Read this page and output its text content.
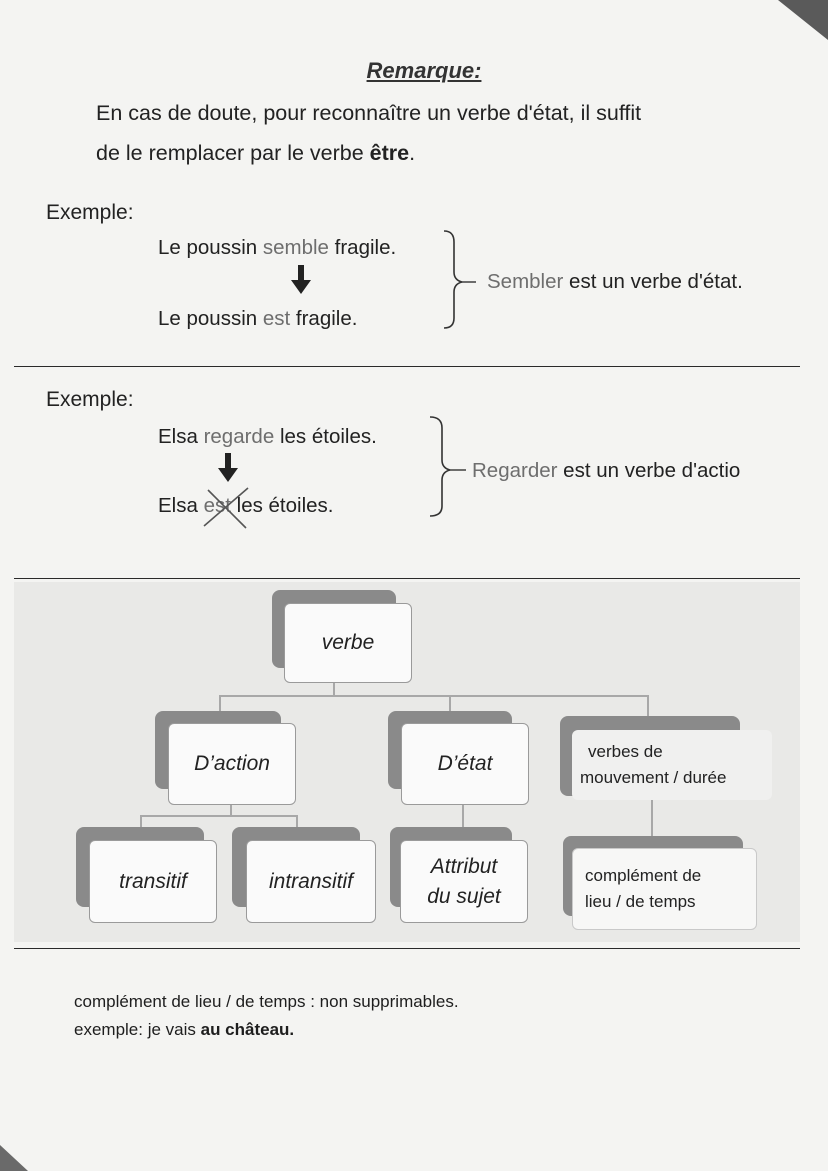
Remarque:
En cas de doute, pour reconnaître un verbe d'état, il suffit
de le remplacer par le verbe être.
Exemple:
Le poussin semble fragile.
Le poussin est fragile.
Sembler est un verbe d'état.
Exemple:
Elsa regarde les étoiles.
Elsa est les étoiles.
Regarder est un verbe d'actio
verbe
D’action	D’état
verbes de
mouvement / durée
transitif	intransitif
Attribut
du sujet
complément de
lieu / de temps
complément de lieu / de temps : non supprimables.
exemple: je vais au château.
